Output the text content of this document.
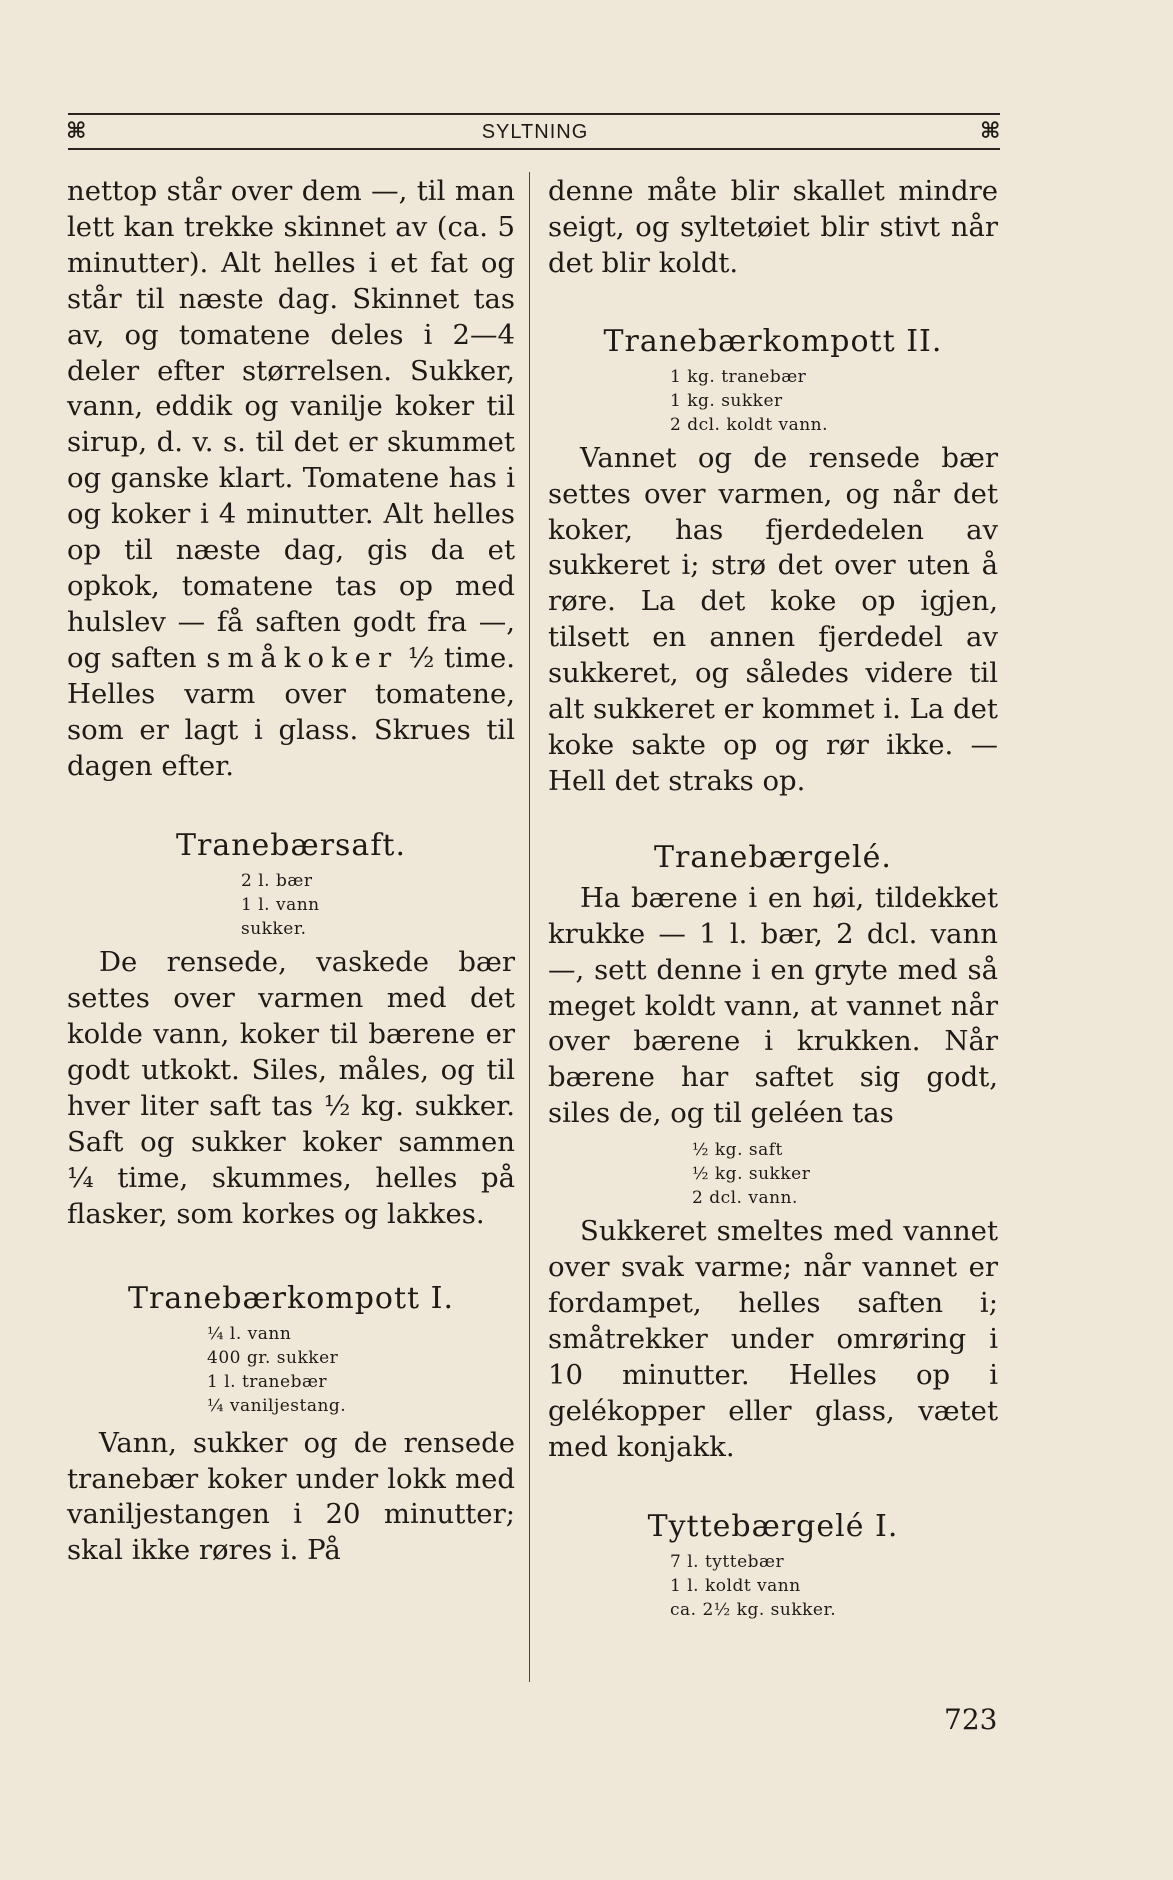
⌘	SYLTNING	⌘

nettop står over dem —, til man lett kan trekke skinnet av (ca. 5 minutter). Alt helles i et fat og står til næste dag. Skinnet tas av, og tomatene deles i 2—4 deler efter størrelsen. Sukker, vann, eddik og vanilje koker til sirup, d. v. s. til det er skummet og ganske klart. Tomatene has i og koker i 4 minutter. Alt helles op til næste dag, gis da et opkok, tomatene tas op med hulslev — få saften godt fra —, og saften småkoker ½ time. Helles varm over tomatene, som er lagt i glass. Skrues til dagen efter.

Tranebærsaft.

2 l. bær

1 l. vann

sukker.

De rensede, vaskede bær settes over varmen med det kolde vann, koker til bærene er godt utkokt. Siles, måles, og til hver liter saft tas ½ kg. sukker. Saft og sukker koker sammen ¼ time, skummes, helles på flasker, som korkes og lakkes.

Tranebærkompott I.

¼ l. vann

400 gr. sukker

1 l. tranebær

¼ vaniljestang.

Vann, sukker og de rensede tranebær koker under lokk med vaniljestangen i 20 minutter; skal ikke røres i. På

denne måte blir skallet mindre seigt, og syltetøiet blir stivt når det blir koldt.

Tranebærkompott II.

1 kg. tranebær

1 kg. sukker

2 dcl. koldt vann.

Vannet og de rensede bær settes over varmen, og når det koker, has fjerdedelen av sukkeret i; strø det over uten å røre. La det koke op igjen, tilsett en annen fjerdedel av sukkeret, og således videre til alt sukkeret er kommet i. La det koke sakte op og rør ikke. — Hell det straks op.

Tranebærgelé.

Ha bærene i en høi, tildekket krukke — 1 l. bær, 2 dcl. vann —, sett denne i en gryte med så meget koldt vann, at vannet når over bærene i krukken. Når bærene har saftet sig godt, siles de, og til geléen tas

½ kg. saft

½ kg. sukker

2 dcl. vann.

Sukkeret smeltes med vannet over svak varme; når vannet er fordampet, helles saften i; småtrekker under omrøring i 10 minutter. Helles op i gelékopper eller glass, vætet med konjakk.

Tyttebærgelé I.

7 l. tyttebær

1 l. koldt vann

ca. 2½ kg. sukker.

723
